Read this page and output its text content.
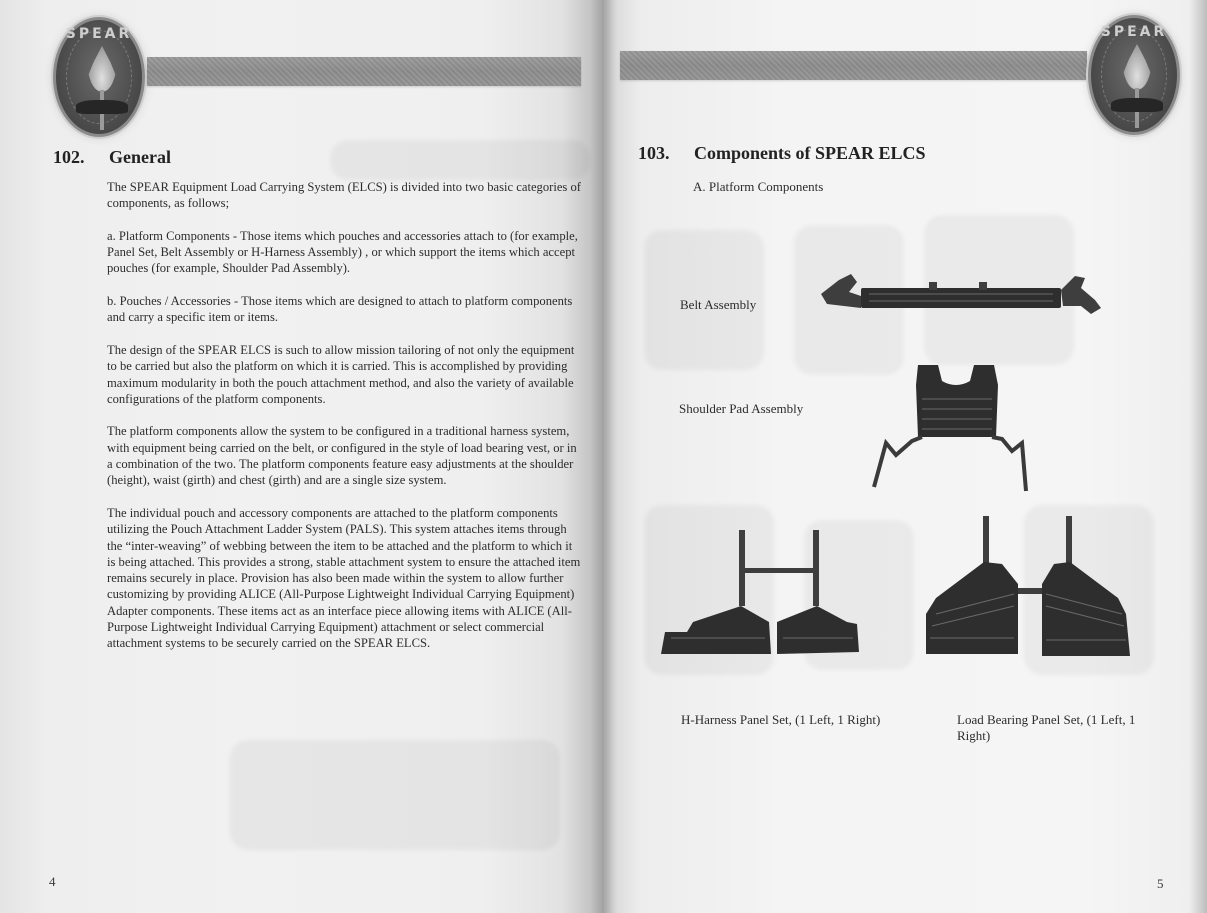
SPEAR
102.	General

The SPEAR Equipment Load Carrying System (ELCS) is divided into two basic categories of components, as follows;

a. Platform Components - Those items which pouches and accessories attach to (for example, Panel Set, Belt Assembly or H-Harness Assembly) , or which support the items which accept pouches (for example, Shoulder Pad Assembly).

b. Pouches / Accessories - Those items which are designed to attach to platform components and carry a specific item or items.

The design of the SPEAR ELCS is such to allow mission tailoring of not only the equipment to be carried but also the platform on which it is carried. This is accomplished by providing maximum modularity in both the pouch attachment method, and also the variety of available configurations of the platform components.

The platform components allow the system to be configured in a traditional harness system, with equipment being carried on the belt, or configured in the style of load bearing vest, or in a combination of the two. The platform components feature easy adjustments at the shoulder (height), waist (girth) and chest (girth) and are a single size system.

The individual pouch and accessory components are attached to the platform components utilizing the Pouch Attachment Ladder System (PALS). This system attaches items through the “inter-weaving” of webbing between the item to be attached and the platform to which it is being attached. This provides a strong, stable attachment system to ensure the attached item remains securely in place. Provision has also been made within the system to allow further customizing by providing ALICE (All-Purpose Lightweight Individual Carrying Equipment) Adapter components. These items act as an interface piece allowing items with ALICE (All-Purpose Lightweight Individual Carrying Equipment) attachment or select commercial attachment systems to be securely carried on the SPEAR ELCS.

4
SPEAR
103.	Components of SPEAR ELCS
A. Platform Components
Belt Assembly
Shoulder Pad Assembly
H-Harness Panel Set, (1 Left, 1 Right)	Load Bearing Panel Set, (1 Left, 1 Right)
5
